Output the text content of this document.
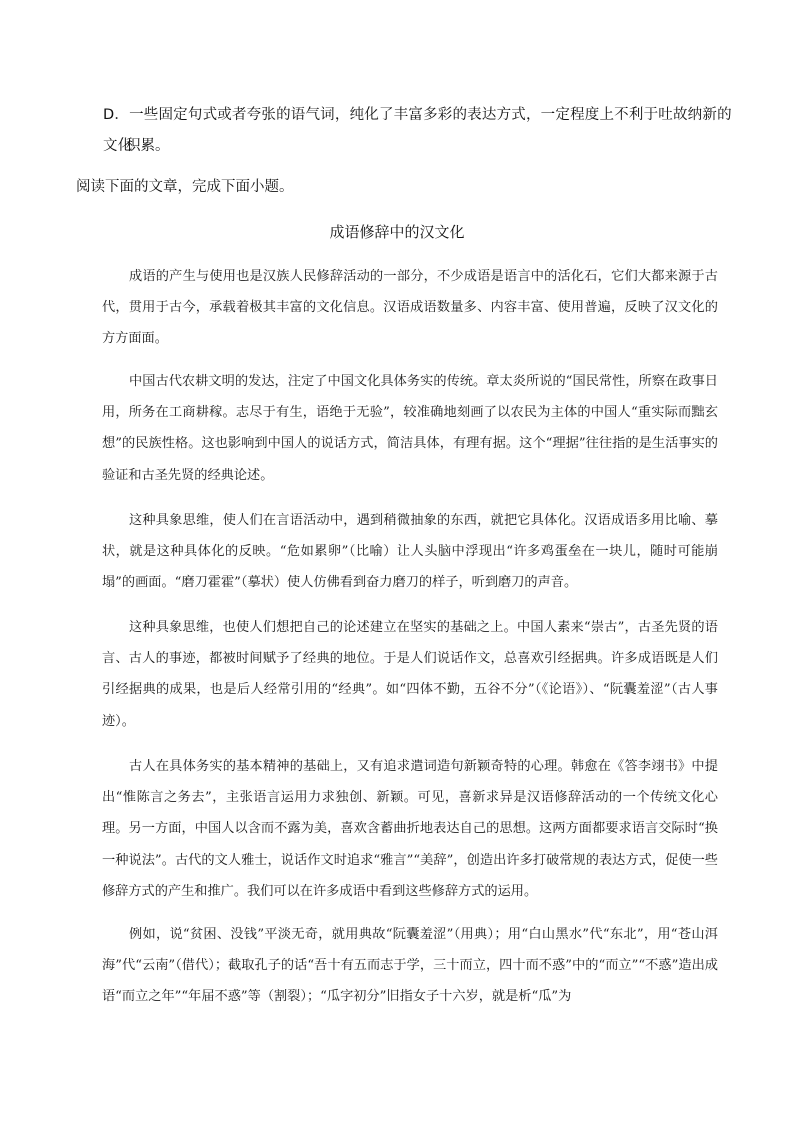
D．一些固定句式或者夸张的语气词，纯化了丰富多彩的表达方式，一定程度上不利于吐故纳新的文化
积累。
阅读下面的文章，完成下面小题。
成语修辞中的汉文化

成语的产生与使用也是汉族人民修辞活动的一部分，不少成语是语言中的活化石，它们大都来源于古代，贯用于古今，承载着极其丰富的文化信息。汉语成语数量多、内容丰富、使用普遍，反映了汉文化的方方面面。

中国古代农耕文明的发达，注定了中国文化具体务实的传统。章太炎所说的“国民常性，所察在政事日用，所务在工商耕稼。志尽于有生，语绝于无验”，较准确地刻画了以农民为主体的中国人“重实际而黜玄想”的民族性格。这也影响到中国人的说话方式，简洁具体，有理有据。这个“理据”往往指的是生活事实的验证和古圣先贤的经典论述。

这种具象思维，使人们在言语活动中，遇到稍微抽象的东西，就把它具体化。汉语成语多用比喻、摹状，就是这种具体化的反映。“危如累卵”（比喻）让人头脑中浮现出“许多鸡蛋垒在一块儿，随时可能崩塌”的画面。“磨刀霍霍”（摹状）使人仿佛看到奋力磨刀的样子，听到磨刀的声音。

这种具象思维，也使人们想把自己的论述建立在坚实的基础之上。中国人素来“崇古”，古圣先贤的语言、古人的事迹，都被时间赋予了经典的地位。于是人们说话作文，总喜欢引经据典。许多成语既是人们引经据典的成果，也是后人经常引用的“经典”。如“四体不勤，五谷不分”（《论语》）、“阮囊羞涩”（古人事迹）。

古人在具体务实的基本精神的基础上，又有追求遣词造句新颖奇特的心理。韩愈在《答李翊书》中提出“惟陈言之务去”，主张语言运用力求独创、新颖。可见，喜新求异是汉语修辞活动的一个传统文化心理。另一方面，中国人以含而不露为美，喜欢含蓄曲折地表达自己的思想。这两方面都要求语言交际时“换一种说法”。古代的文人雅士，说话作文时追求“雅言”“美辞”，创造出许多打破常规的表达方式，促使一些修辞方式的产生和推广。我们可以在许多成语中看到这些修辞方式的运用。

例如，说“贫困、没钱”平淡无奇，就用典故“阮囊羞涩”（用典）；用“白山黑水”代“东北”，用“苍山洱海”代“云南”（借代）；截取孔子的话“吾十有五而志于学，三十而立，四十而不惑”中的“而立”“不惑”造出成语“而立之年”“年届不惑”等（割裂）；“瓜字初分”旧指女子十六岁，就是析“瓜”为
